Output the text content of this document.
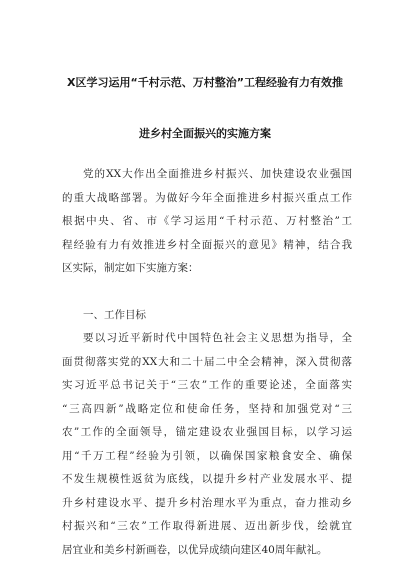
X区学习运用“千村示范、万村整治”工程经验有力有效推
进乡村全面振兴的实施方案
党的XX大作出全面推进乡村振兴、加快建设农业强国
的重大战略部署。为做好今年全面推进乡村振兴重点工作
根据中央、省、市《学习运用“千村示范、万村整治”工
程经验有力有效推进乡村全面振兴的意见》精神，结合我
区实际，制定如下实施方案：
一、工作目标
要以习近平新时代中国特色社会主义思想为指导，全
面贯彻落实党的XX大和二十届二中全会精神，深入贯彻落
实习近平总书记关于“三农”工作的重要论述，全面落实
“三高四新”战略定位和使命任务，坚持和加强党对“三
农”工作的全面领导，锚定建设农业强国目标，以学习运
用“千万工程”经验为引领，以确保国家粮食安全、确保
不发生规模性返贫为底线，以提升乡村产业发展水平、提
升乡村建设水平、提升乡村治理水平为重点，奋力推动乡
村振兴和“三农”工作取得新进展、迈出新步伐，绘就宜
居宜业和美乡村新画卷，以优异成绩向建区40周年献礼。
